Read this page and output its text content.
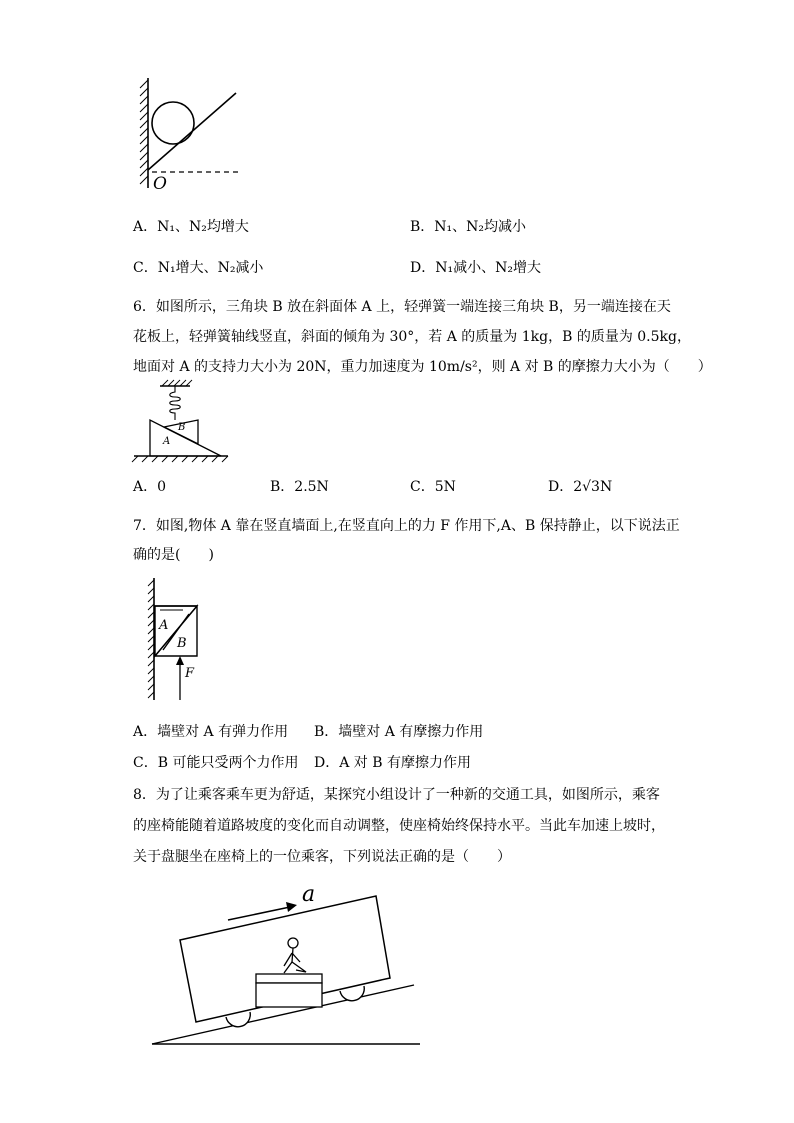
O
A．N₁、N₂均增大	B．N₁、N₂均减小
C．N₁增大、N₂减小	D．N₁减小、N₂增大
6．如图所示，三角块 B 放在斜面体 A 上，轻弹簧一端连接三角块 B，另一端连接在天
花板上，轻弹簧轴线竖直，斜面的倾角为 30°，若 A 的质量为 1kg，B 的质量为 0.5kg，
地面对 A 的支持力大小为 20N，重力加速度为 10m/s²，则 A 对 B 的摩擦力大小为（　　）
B
A
A．0	B．2.5N	C．5N	D．2√3N
7．如图,物体 A 靠在竖直墙面上,在竖直向上的力 F 作用下,A、B 保持静止，以下说法正
确的是(　　)
A
B
F
A．墙壁对 A 有弹力作用 B．墙壁对 A 有摩擦力作用
C．B 可能只受两个力作用 D．A 对 B 有摩擦力作用
8．为了让乘客乘车更为舒适，某探究小组设计了一种新的交通工具，如图所示，乘客
的座椅能随着道路坡度的变化而自动调整，使座椅始终保持水平。当此车加速上坡时，
关于盘腿坐在座椅上的一位乘客，下列说法正确的是（　　）
a
